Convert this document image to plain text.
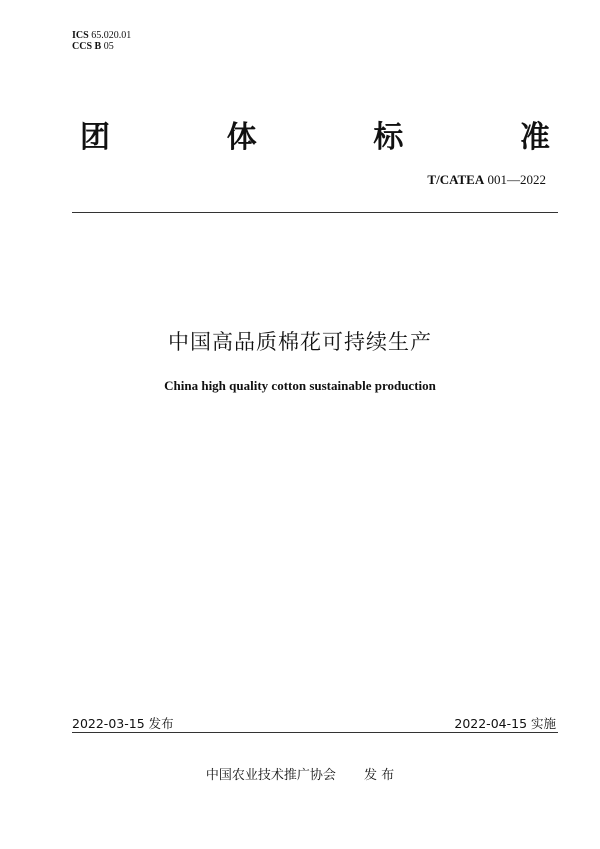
ICS 65.020.01
CCS B 05
团	体	标	准
T/CATEA 001—2022
中国高品质棉花可持续生产
China high quality cotton sustainable production
2022-03-15 发布	2022-04-15 实施
中国农业技术推广协会 发 布
